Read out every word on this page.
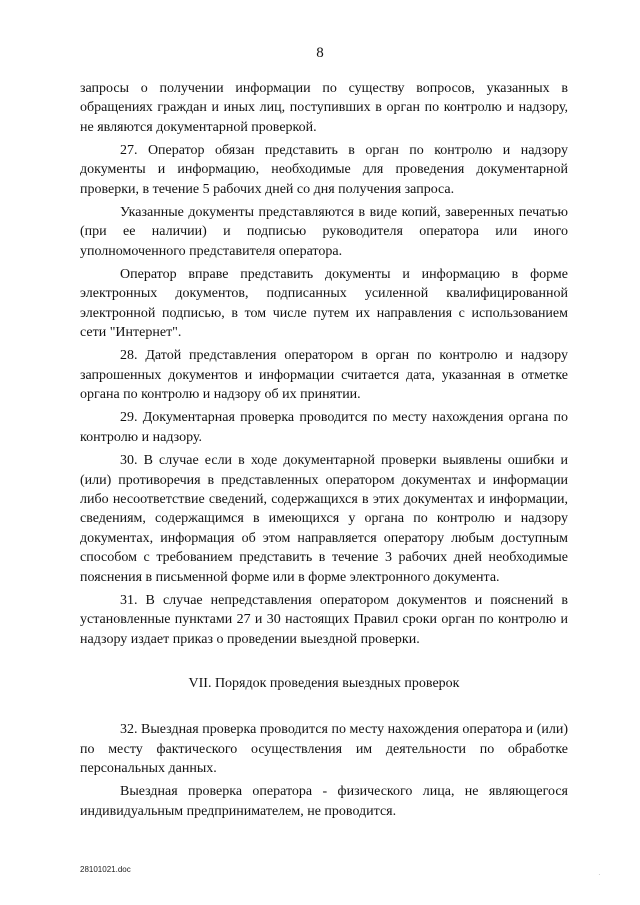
8

запросы о получении информации по существу вопросов, указанных в обращениях граждан и иных лиц, поступивших в орган по контролю и надзору, не являются документарной проверкой.

27. Оператор обязан представить в орган по контролю и надзору документы и информацию, необходимые для проведения документарной проверки, в течение 5 рабочих дней со дня получения запроса.

Указанные документы представляются в виде копий, заверенных печатью (при ее наличии) и подписью руководителя оператора или иного уполномоченного представителя оператора.

Оператор вправе представить документы и информацию в форме электронных документов, подписанных усиленной квалифицированной электронной подписью, в том числе путем их направления с использованием сети "Интернет".

28. Датой представления оператором в орган по контролю и надзору запрошенных документов и информации считается дата, указанная в отметке органа по контролю и надзору об их принятии.

29. Документарная проверка проводится по месту нахождения органа по контролю и надзору.

30. В случае если в ходе документарной проверки выявлены ошибки и (или) противоречия в представленных оператором документах и информации либо несоответствие сведений, содержащихся в этих документах и информации, сведениям, содержащимся в имеющихся у органа по контролю и надзору документах, информация об этом направляется оператору любым доступным способом с требованием представить в течение 3 рабочих дней необходимые пояснения в письменной форме или в форме электронного документа.

31. В случае непредставления оператором документов и пояснений в установленные пунктами 27 и 30 настоящих Правил сроки орган по контролю и надзору издает приказ о проведении выездной проверки.

VII. Порядок проведения выездных проверок

32. Выездная проверка проводится по месту нахождения оператора и (или) по месту фактического осуществления им деятельности по обработке персональных данных.

Выездная проверка оператора - физического лица, не являющегося индивидуальным предпринимателем, не проводится.

28101021.doc
·
